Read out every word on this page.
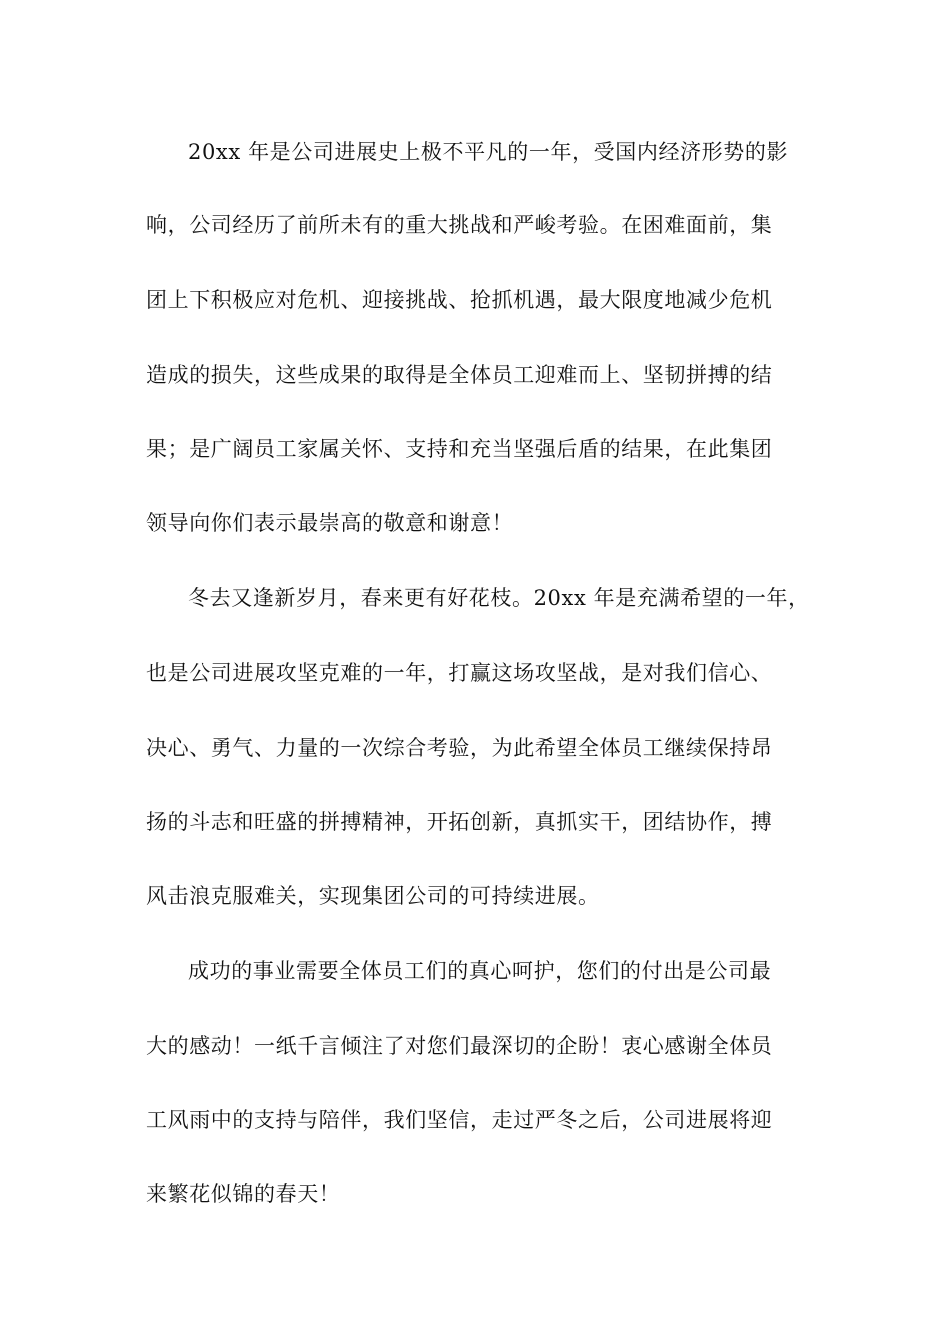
20xx 年是公司进展史上极不平凡的一年，受国内经济形势的影
响，公司经历了前所未有的重大挑战和严峻考验。在困难面前，集
团上下积极应对危机、迎接挑战、抢抓机遇，最大限度地减少危机
造成的损失，这些成果的取得是全体员工迎难而上、坚韧拼搏的结
果；是广阔员工家属关怀、支持和充当坚强后盾的结果，在此集团
领导向你们表示最崇高的敬意和谢意！
冬去又逢新岁月，春来更有好花枝。20xx 年是充满希望的一年，
也是公司进展攻坚克难的一年，打赢这场攻坚战，是对我们信心、
决心、勇气、力量的一次综合考验，为此希望全体员工继续保持昂
扬的斗志和旺盛的拼搏精神，开拓创新，真抓实干，团结协作，搏
风击浪克服难关，实现集团公司的可持续进展。
成功的事业需要全体员工们的真心呵护，您们的付出是公司最
大的感动！一纸千言倾注了对您们最深切的企盼！衷心感谢全体员
工风雨中的支持与陪伴，我们坚信，走过严冬之后，公司进展将迎
来繁花似锦的春天！
